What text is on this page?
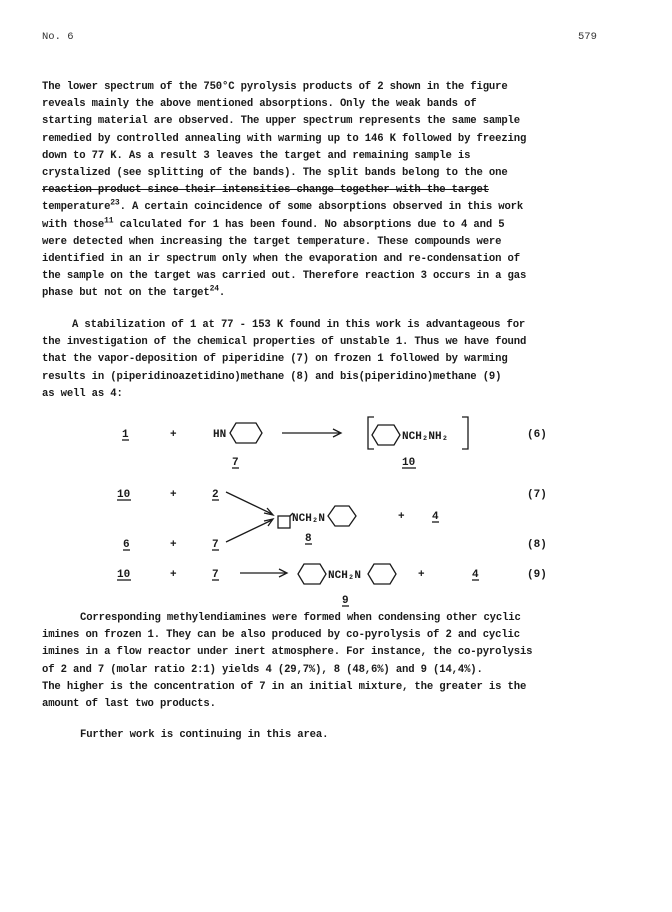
No. 6	579
The lower spectrum of the 750°C pyrolysis products of 2 shown in the figure
reveals mainly the above mentioned absorptions. Only the weak bands of
starting material are observed. The upper spectrum represents the same sample
remedied by controlled annealing with warming up to 146 K followed by freezing
down to 77 K. As a result 3 leaves the target and remaining sample is
crystalized (see splitting of the bands). The split bands belong to the one
reaction product since their intensities change together with the target
temperature$^{23}$. A certain coincidence of some absorptions observed in this work
with those$^{11}$ calculated for 1 has been found. No absorptions due to 4 and 5
were detected when increasing the target temperature. These compounds were
identified in an ir spectrum only when the evaporation and re-condensation of
the sample on the target was carried out. Therefore reaction 3 occurs in a gas
phase but not on the target$^{24}$.
A stabilization of 1 at 77 - 153 K found in this work is advantageous for
the investigation of the chemical properties of unstable 1. Thus we have found
that the vapor-deposition of piperidine (7) on frozen 1 followed by warming
results in (piperidinoazetidino)methane (8) and bis(piperidino)methane (9)
as well as 4:
1	+	HN
7
NCH₂NH₂
10
(6)
10	+	2
NCH₂N
8
+ 4
(7)
6	+	7	(8)
10	+	7	NCH₂N
9
+	4	(9)
Corresponding methylendiamines were formed when condensing other cyclic
imines on frozen 1. They can be also produced by co-pyrolysis of 2 and cyclic
imines in a flow reactor under inert atmosphere. For instance, the co-pyrolysis
of 2 and 7 (molar ratio 2:1) yields 4 (29,7%), 8 (48,6%) and 9 (14,4%).
The higher is the concentration of 7 in an initial mixture, the greater is the
amount of last two products.
Further work is continuing in this area.
